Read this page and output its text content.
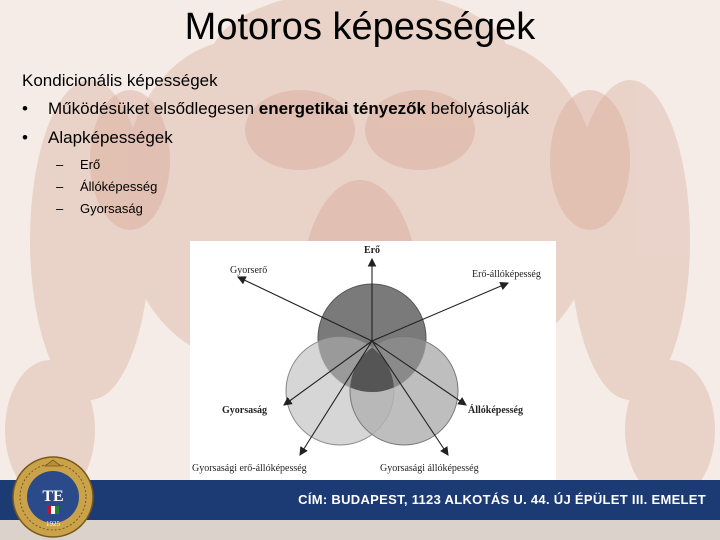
Motoros képességek
Kondicionális képességek
•	Működésüket elsődlegesen energetikai tényezők befolyásolják
•	Alapképességek
–	Erő
–	Állóképesség
–	Gyorsaság
Erő
Gyorserő	Erő-állóképesség
Gyorsaság	Állóképesség
Gyorsasági erő-állóképesség	Gyorsasági állóképesség
CÍM: BUDAPEST, 1123 ALKOTÁS U. 44. ÚJ ÉPÜLET III. EMELET
TE
1925
